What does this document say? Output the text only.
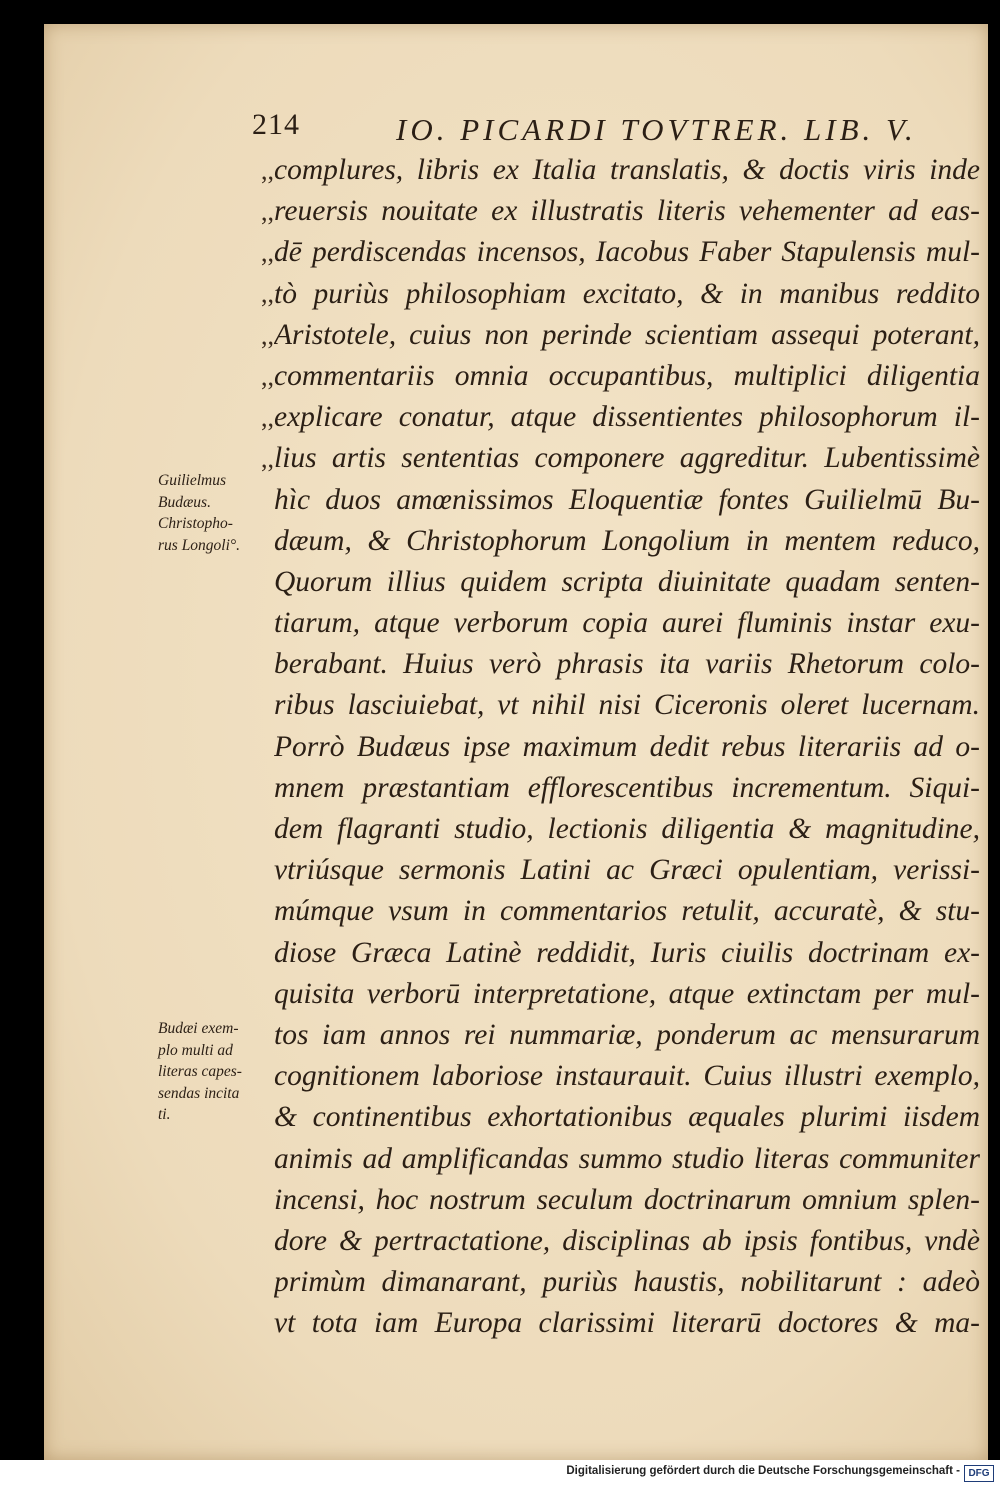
214	IO. PICARDI TOVTRER. LIB. V.
,,
,,
,,
,,
,,
,,
,,
,,
Guilielmus
Budæus.
Christopho-
rus Longoli°.
Budæi exem-
plo multi ad
literas capes-
sendas incita
ti.
complures, libris ex Italia translatis, & doctis viris inde
reuersis nouitate ex illustratis literis vehementer ad eas-
dē perdiscendas incensos, Iacobus Faber Stapulensis mul-
tò puriùs philosophiam excitato, & in manibus reddito
Aristotele, cuius non perinde scientiam assequi poterant,
commentariis omnia occupantibus, multiplici diligentia
explicare conatur, atque dissentientes philosophorum il-
lius artis sententias componere aggreditur. Lubentissimè
hìc duos amœnissimos Eloquentiæ fontes Guilielmū Bu-
dæum, & Christophorum Longolium in mentem reduco,
Quorum illius quidem scripta diuinitate quadam senten-
tiarum, atque verborum copia aurei fluminis instar exu-
berabant. Huius verò phrasis ita variis Rhetorum colo-
ribus lasciuiebat, vt nihil nisi Ciceronis oleret lucernam.
Porrò Budæus ipse maximum dedit rebus literariis ad o-
mnem præstantiam efflorescentibus incrementum. Siqui-
dem flagranti studio, lectionis diligentia & magnitudine,
vtriúsque sermonis Latini ac Græci opulentiam, verissi-
múmque vsum in commentarios retulit, accuratè, & stu-
diose Græca Latinè reddidit, Iuris ciuilis doctrinam ex-
quisita verborū interpretatione, atque extinctam per mul-
tos iam annos rei nummariæ, ponderum ac mensurarum
cognitionem laboriose instaurauit. Cuius illustri exemplo,
& continentibus exhortationibus æquales plurimi iisdem
animis ad amplificandas summo studio literas communiter
incensi, hoc nostrum seculum doctrinarum omnium splen-
dore & pertractatione, disciplinas ab ipsis fontibus, vndè
primùm dimanarant, puriùs haustis, nobilitarunt : adeò
vt tota iam Europa clarissimi literarū doctores & ma-
Digitalisierung gefördert durch die Deutsche Forschungsgemeinschaft - DFG
